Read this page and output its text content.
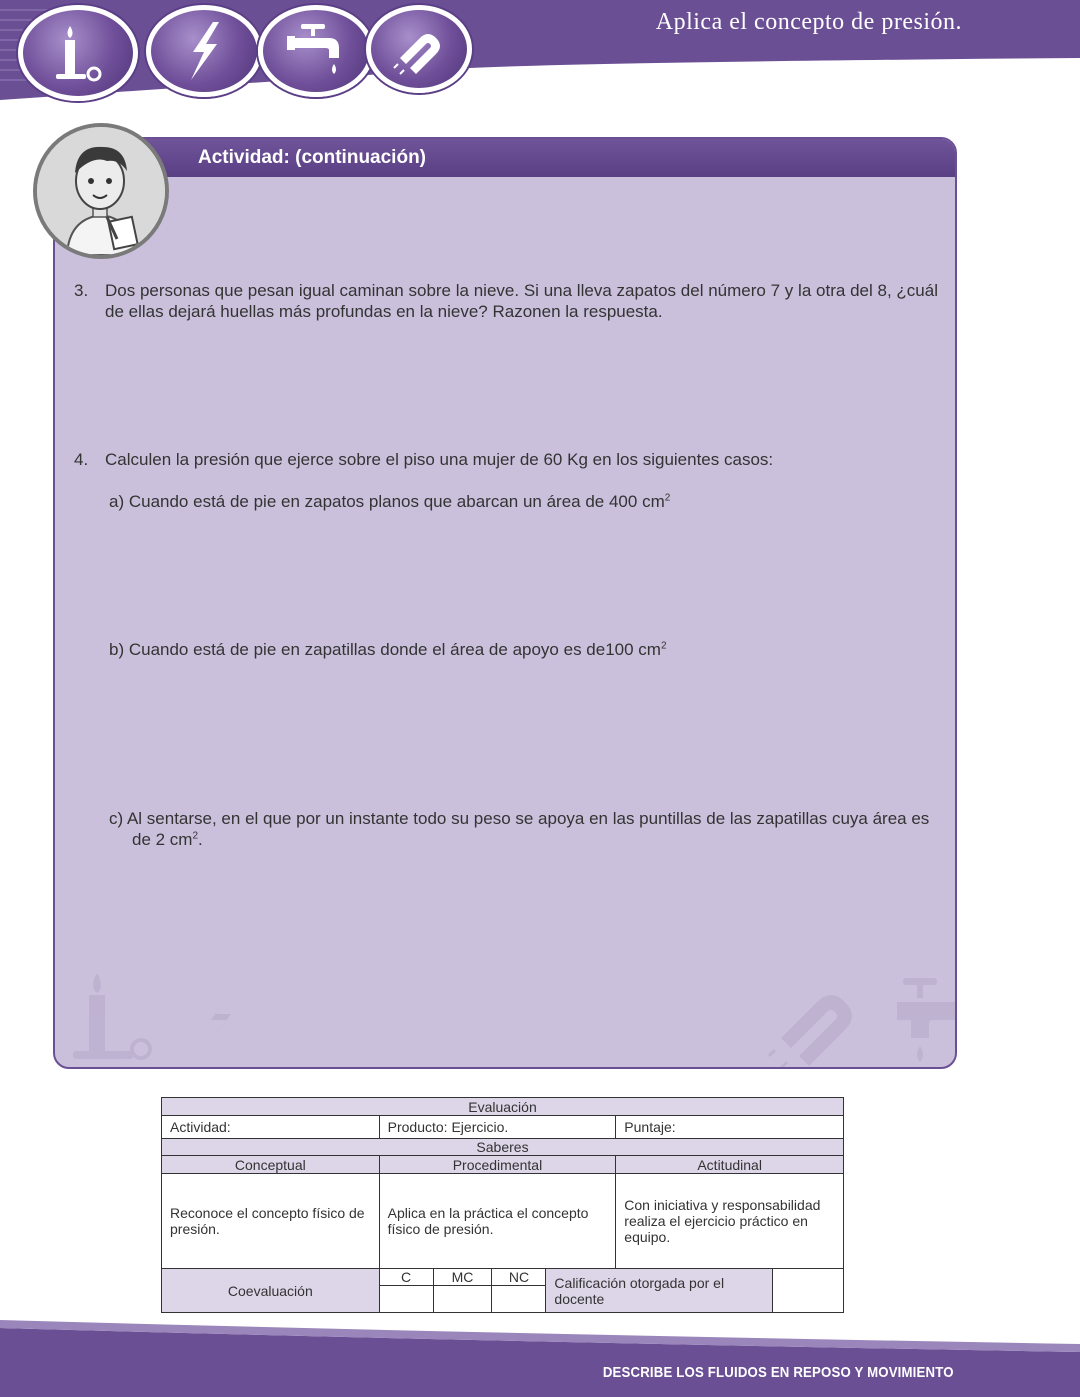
Aplica el concepto de presión.
Actividad: (continuación)
3. Dos personas que pesan igual caminan sobre la nieve. Si una lleva zapatos del número 7 y la otra del 8, ¿cuál de ellas dejará huellas más profundas en la nieve? Razonen la respuesta.
4. Calculen la presión que ejerce sobre el piso una mujer de 60 Kg en los siguientes casos:
a) Cuando está de pie en zapatos planos que abarcan un área de 400 $cm^2$
b) Cuando está de pie en zapatillas donde el área de apoyo es de100 $cm^2$
c) Al sentarse, en el que por un instante todo su peso se apoya en las puntillas de las zapatillas cuya área es
de 2 $cm^2$.
Evaluación						
Actividad:	Producto: Ejercicio.				Puntaje:	
Saberes						
Conceptual	Procedimental				Actitudinal	
Reconoce el concepto físico de presión.	Aplica en la práctica el concepto físico de presión.				Con iniciativa y responsabilidad realiza el ejercicio práctico en equipo.	
Coevaluación	C	MC	NC	Calificación otorgada por el docente		

DESCRIBE LOS FLUIDOS EN REPOSO Y MOVIMIENTO
